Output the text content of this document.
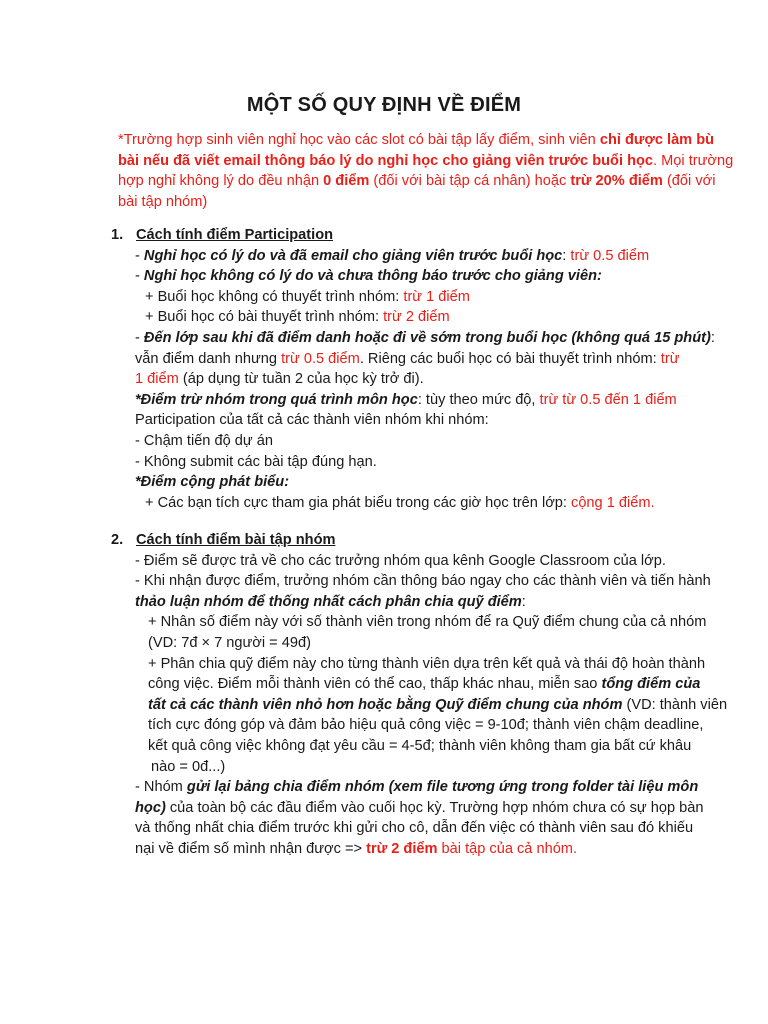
MỘT SỐ QUY ĐỊNH VỀ ĐIỂM
*Trường hợp sinh viên nghỉ học vào các slot có bài tập lấy điểm, sinh viên chỉ được làm bù
bài nếu đã viết email thông báo lý do nghỉ học cho giảng viên trước buổi học. Mọi trường
hợp nghỉ không lý do đều nhận 0 điểm (đối với bài tập cá nhân) hoặc trừ 20% điểm (đối với
bài tập nhóm)
1. Cách tính điểm Participation
- Nghỉ học có lý do và đã email cho giảng viên trước buổi học: trừ 0.5 điểm
- Nghỉ học không có lý do và chưa thông báo trước cho giảng viên:
+ Buổi học không có thuyết trình nhóm: trừ 1 điểm
+ Buổi học có bài thuyết trình nhóm: trừ 2 điểm
- Đến lớp sau khi đã điểm danh hoặc đi về sớm trong buổi học (không quá 15 phút):
vẫn điểm danh nhưng trừ 0.5 điểm. Riêng các buổi học có bài thuyết trình nhóm: trừ
1 điểm (áp dụng từ tuần 2 của học kỳ trở đi).
*Điểm trừ nhóm trong quá trình môn học: tùy theo mức độ, trừ từ 0.5 đến 1 điểm
Participation của tất cả các thành viên nhóm khi nhóm:
- Chậm tiến độ dự án
- Không submit các bài tập đúng hạn.
*Điểm cộng phát biểu:
+ Các bạn tích cực tham gia phát biểu trong các giờ học trên lớp: cộng 1 điểm.
2. Cách tính điểm bài tập nhóm
- Điểm sẽ được trả về cho các trưởng nhóm qua kênh Google Classroom của lớp.
- Khi nhận được điểm, trưởng nhóm cần thông báo ngay cho các thành viên và tiến hành
thảo luận nhóm để thống nhất cách phân chia quỹ điểm:
+ Nhân số điểm này với số thành viên trong nhóm để ra Quỹ điểm chung của cả nhóm
(VD: 7đ × 7 người = 49đ)
+ Phân chia quỹ điểm này cho từng thành viên dựa trên kết quả và thái độ hoàn thành
công việc. Điểm mỗi thành viên có thể cao, thấp khác nhau, miễn sao tổng điểm của
tất cả các thành viên nhỏ hơn hoặc bằng Quỹ điểm chung của nhóm (VD: thành viên
tích cực đóng góp và đảm bảo hiệu quả công việc = 9-10đ; thành viên chậm deadline,
kết quả công việc không đạt yêu cầu = 4-5đ; thành viên không tham gia bất cứ khâu
nào = 0đ...)
- Nhóm gửi lại bảng chia điểm nhóm (xem file tương ứng trong folder tài liệu môn
học) của toàn bộ các đầu điểm vào cuối học kỳ. Trường hợp nhóm chưa có sự họp bàn
và thống nhất chia điểm trước khi gửi cho cô, dẫn đến việc có thành viên sau đó khiếu
nại về điểm số mình nhận được => trừ 2 điểm bài tập của cả nhóm.
